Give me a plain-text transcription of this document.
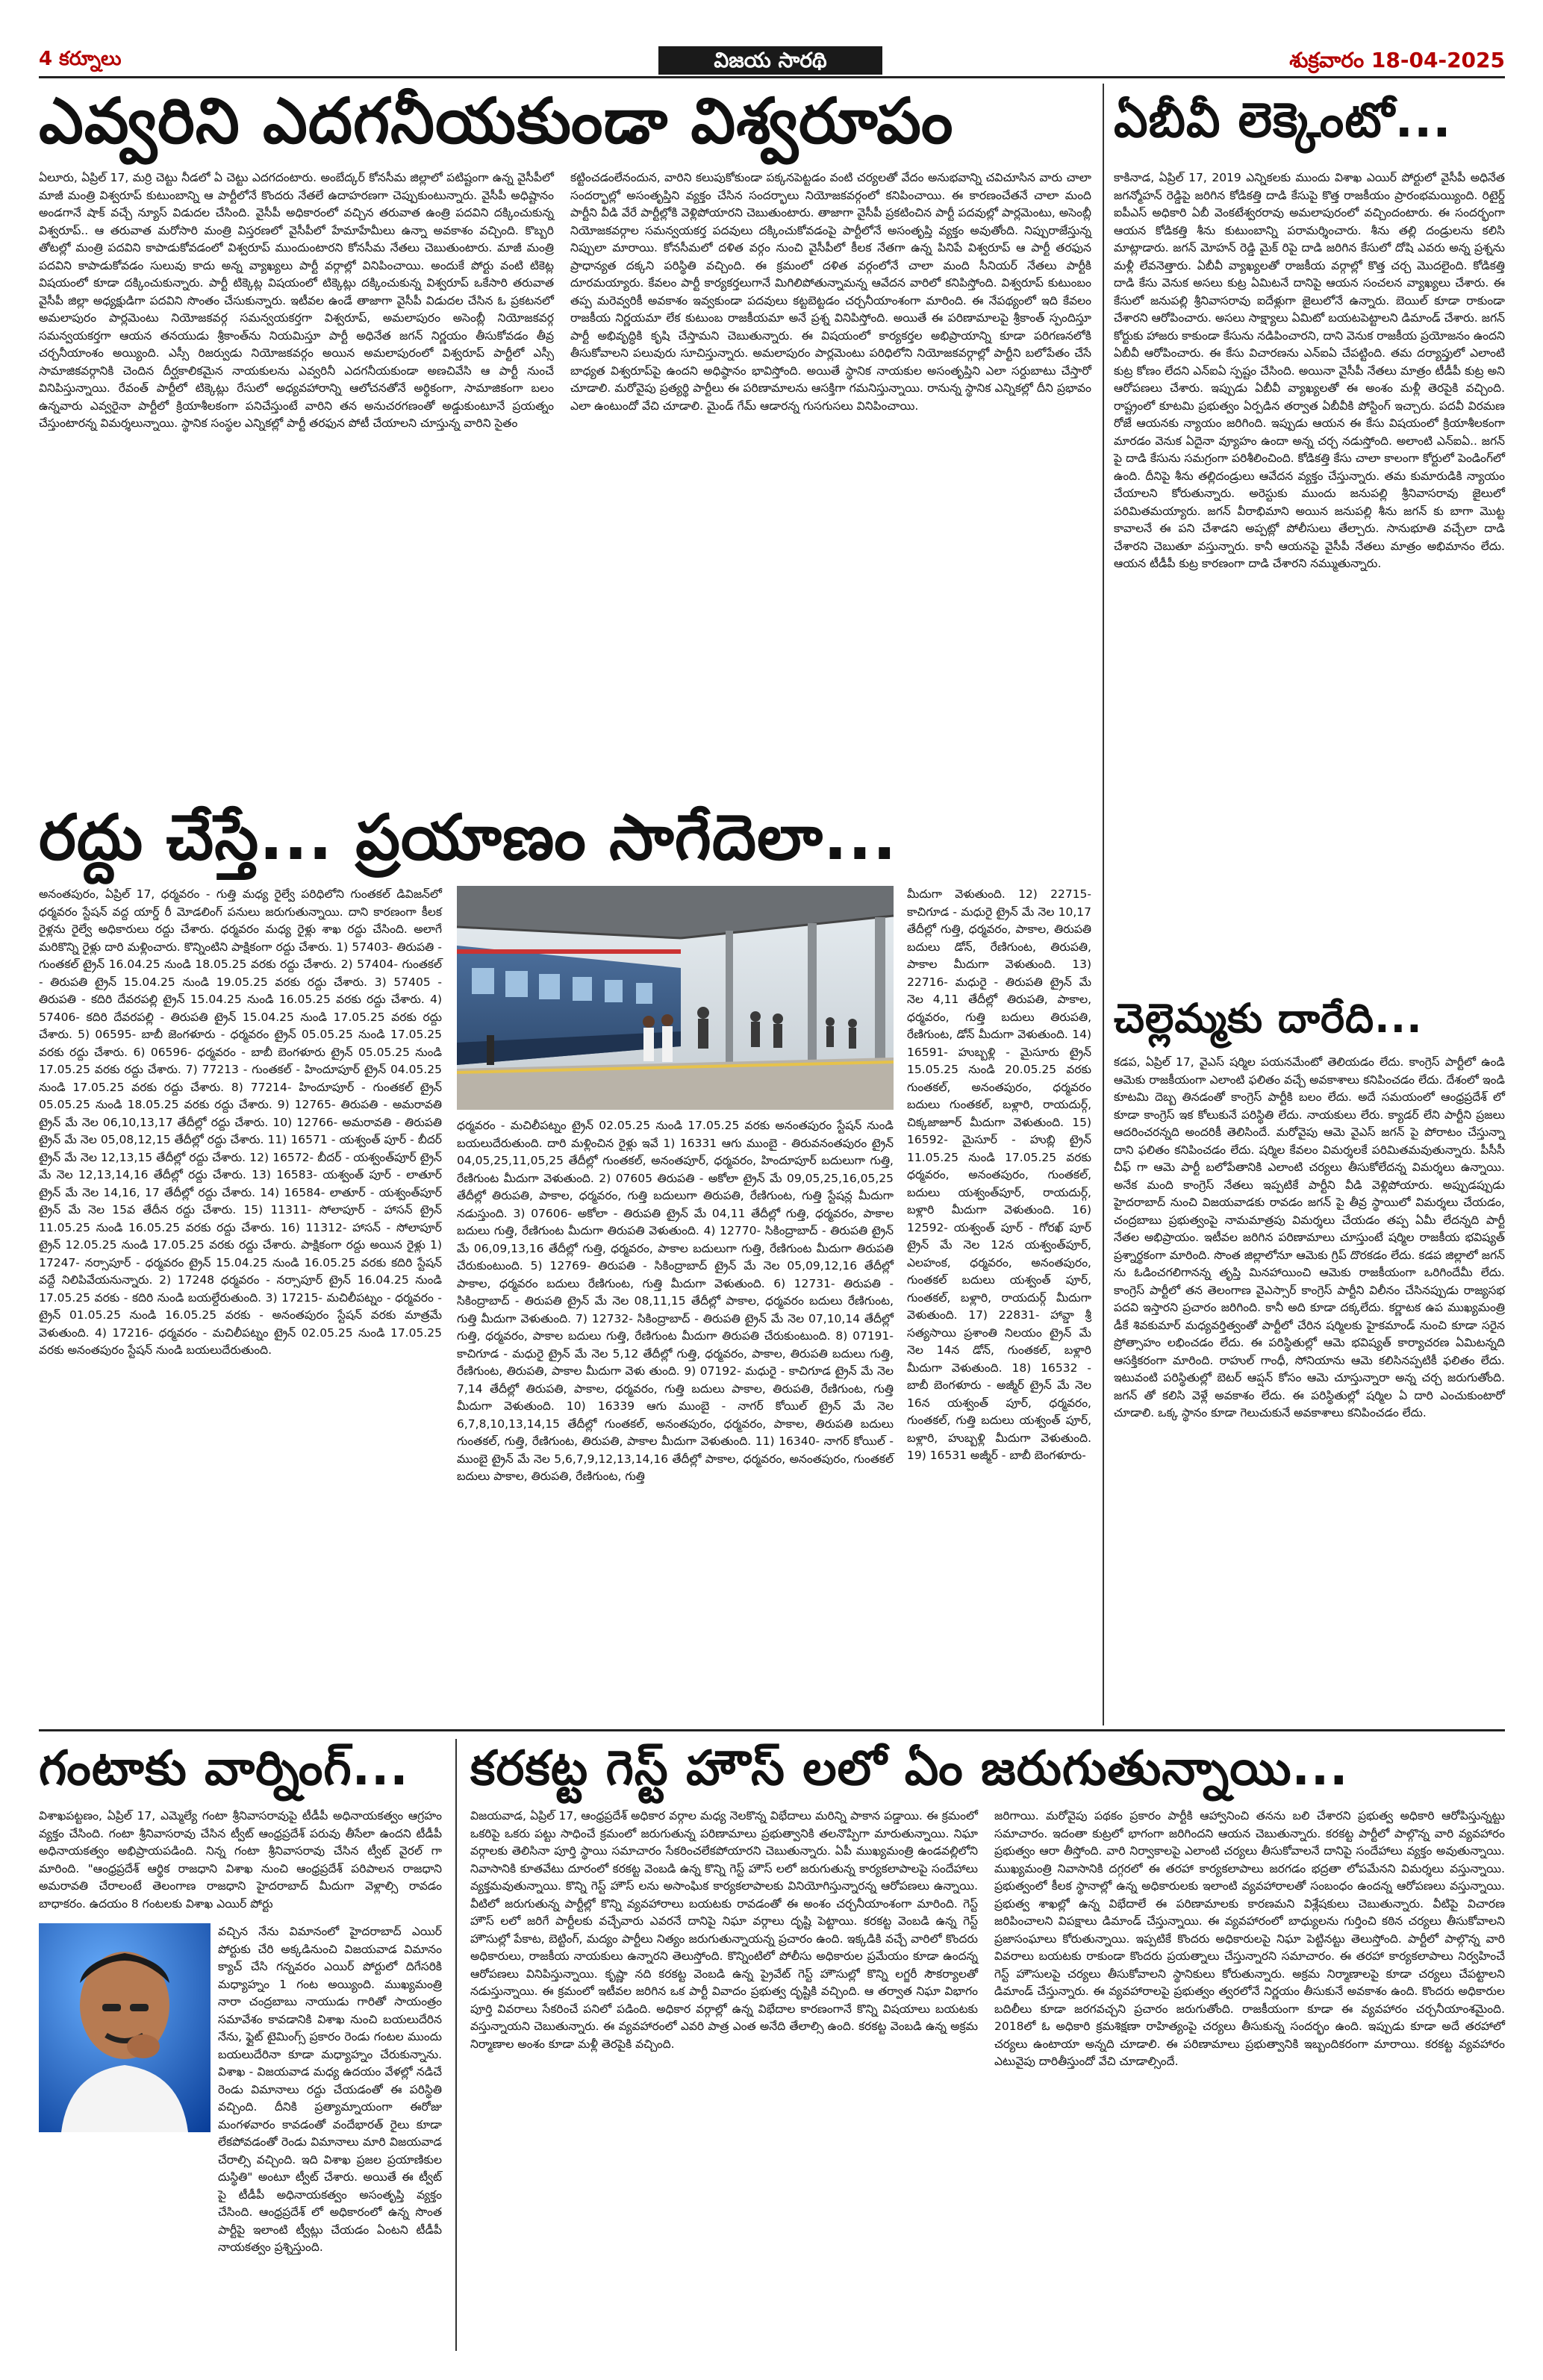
4 కర్నూలు	విజయ సారథి	శుక్రవారం 18-04-2025
ఎవ్వరిని ఎదగనీయకుండా విశ్వరూపం

ఏలూరు, ఏప్రిల్ 17, మర్రి చెట్టు నీడలో ఏ చెట్టు ఎదగదంటారు. అంబేద్కర్ కోనసీమ జిల్లాలో పటిష్టంగా ఉన్న వైసీపీలో మాజీ మంత్రి విశ్వరూప్ కుటుంబాన్ని ఆ పార్టీలోనే కొందరు నేతలే ఉదాహరణగా చెప్పుకుంటున్నారు. వైసీపీ అధిష్టానం అండగానే షాక్ వచ్చే న్యూస్ విడుదల చేసింది. వైసీపీ అధికారంలో వచ్చిన తరువాత ఉంత్రి పదవిని దక్కించుకున్న విశ్వరూప్.. ఆ తరువాత మరోసారి మంత్రి విస్తరణలో వైసీపీలో హేమాహేమీలు ఉన్నా అవకాశం వచ్చింది. కొబ్బరి తోటల్లో మంత్రి పదవిని కాపాడుకోవడంలో విశ్వరూప్ ముందుంటారని కోనసీమ నేతలు చెబుతుంటారు. మాజీ మంత్రి పదవిని కాపాడుకోవడం సులువు కాదు అన్న వ్యాఖ్యలు పార్టీ వర్గాల్లో వినిపించాయి. అందుకే పోర్టు వంటి టికెట్ల విషయంలో కూడా దక్కించుకున్నారు. పార్టీ టిక్కెట్ల విషయంలో టిక్కెట్లు దక్కించుకున్న విశ్వరూప్ ఒకేసారి తరువాత వైసీపీ జిల్లా అధ్యక్షుడిగా పదవిని సొంతం చేసుకున్నారు. ఇటీవల ఉండే తాజాగా వైసీపీ విడుదల చేసిన ఓ ప్రకటనలో అమలాపురం పార్లమెంటు నియోజకవర్గ సమన్వయకర్తగా విశ్వరూప్, అమలాపురం అసెంబ్లీ నియోజకవర్గ సమన్వయకర్తగా ఆయన తనయుడు శ్రీకాంత్‌ను నియమిస్తూ పార్టీ అధినేత జగన్ నిర్ణయం తీసుకోవడం తీవ్ర చర్చనీయాంశం అయ్యింది. ఎస్సీ రిజర్వుడు నియోజకవర్గం అయిన అమలాపురంలో విశ్వరూప్ పార్టీలో ఎస్సీ సామాజికవర్గానికి చెందిన దీర్ఘకాలికమైన నాయకులను ఎవ్వరినీ ఎదగనీయకుండా అణచివేసి ఆ పార్టీ నుంచే వినిపిస్తున్నాయి. రేవంత్ పార్టీలో టిక్కెట్లు రేసులో అధ్యవహారాన్ని ఆలోచనతోనే అర్థికంగా, సామాజికంగా బలం ఉన్నవారు ఎవ్వరైనా పార్టీలో క్రియాశీలకంగా పనిచేస్తుంటే వారిని తన అనుచరగణంతో అడ్డుకుంటూనే ప్రయత్నం చేస్తుంటారన్న విమర్శలున్నాయి. స్థానిక సంస్థల ఎన్నికల్లో పార్టీ తరఫున పోటీ చేయాలని చూస్తున్న వారిని సైతం

కట్టించడంలేనందున, వారిని కలుపుకోకుండా పక్కనపెట్టడం వంటి చర్యలతో వేదం అనుభవాన్ని చవిచూసిన వారు చాలా సందర్భాల్లో అసంతృప్తిని వ్యక్తం చేసిన సందర్భాలు నియోజకవర్గంలో కనిపించాయి. ఈ కారణంచేతనే చాలా మంది పార్టీని వీడి వేరే పార్టీల్లోకి వెళ్లిపోయారని చెబుతుంటారు. తాజాగా వైసీపీ ప్రకటించిన పార్టీ పదవుల్లో పార్లమెంటు, అసెంబ్లీ నియోజకవర్గాల సమన్వయకర్త పదవులు దక్కించుకోవడంపై పార్టీలోనే అసంతృప్తి వ్యక్తం అవుతోంది. నిప్పురాజేస్తున్న నిప్పులా మారాయి. కోనసీమలో దళిత వర్గం నుంచి వైసీపీలో కీలక నేతగా ఉన్న పినిపే విశ్వరూప్ ఆ పార్టీ తరఫున ప్రాధాన్యత దక్కని పరిస్థితి వచ్చింది. ఈ క్రమంలో దళిత వర్గంలోనే చాలా మంది సీనియర్ నేతలు పార్టీకి దూరమయ్యారు. కేవలం పార్టీ కార్యకర్తలుగానే మిగిలిపోతున్నామన్న ఆవేదన వారిలో కనిపిస్తోంది. విశ్వరూప్ కుటుంబం తప్ప మరెవ్వరికీ అవకాశం ఇవ్వకుండా పదవులు కట్టబెట్టడం చర్చనీయాంశంగా మారింది. ఈ నేపథ్యంలో ఇది కేవలం రాజకీయ నిర్ణయమా లేక కుటుంబ రాజకీయమా అనే ప్రశ్న వినిపిస్తోంది. అయితే ఈ పరిణామాలపై శ్రీకాంత్ స్పందిస్తూ పార్టీ అభివృద్ధికి కృషి చేస్తామని చెబుతున్నారు. ఈ విషయంలో కార్యకర్తల అభిప్రాయాన్ని కూడా పరిగణనలోకి తీసుకోవాలని పలువురు సూచిస్తున్నారు. అమలాపురం పార్లమెంటు పరిధిలోని నియోజకవర్గాల్లో పార్టీని బలోపేతం చేసే బాధ్యత విశ్వరూప్‌పై ఉందని అధిష్ఠానం భావిస్తోంది. అయితే స్థానిక నాయకుల అసంతృప్తిని ఎలా సర్దుబాటు చేస్తారో చూడాలి. మరోవైపు ప్రత్యర్థి పార్టీలు ఈ పరిణామాలను ఆసక్తిగా గమనిస్తున్నాయి. రానున్న స్థానిక ఎన్నికల్లో దీని ప్రభావం ఎలా ఉంటుందో వేచి చూడాలి. మైండ్ గేమ్ ఆడారన్న గుసగుసలు వినిపించాయి.

ఏబీవీ లెక్కెంటో...

కాకినాడ, ఏప్రిల్ 17, 2019 ఎన్నికలకు ముందు విశాఖ ఎయిర్ పోర్టులో వైసీపీ అధినేత జగన్మోహన్ రెడ్డిపై జరిగిన కోడికత్తి దాడి కేసుపై కొత్త రాజకీయం ప్రారంభమయ్యింది. రిటైర్డ్ ఐపీఎస్ అధికారి ఏబీ వెంకటేశ్వరరావు అమలాపురంలో వచ్చిందంటారు. ఈ సందర్భంగా ఆయన కోడికత్తి శీను కుటుంబాన్ని పరామర్శించారు. శీను తల్లి దండ్రులను కలిసి మాట్లాడారు. జగన్ మోహన్ రెడ్డి మైక్ రిపై దాడి జరిగిన కేసులో దోషి ఎవరు అన్న ప్రశ్నను మళ్లీ లేవనెత్తారు. ఏబీవీ వ్యాఖ్యలతో రాజకీయ వర్గాల్లో కొత్త చర్చ మొదలైంది. కోడికత్తి దాడి కేసు వెనుక అసలు కుట్ర ఏమిటనే దానిపై ఆయన సంచలన వ్యాఖ్యలు చేశారు. ఈ కేసులో జనుపల్లి శ్రీనివాసరావు ఐదేళ్లుగా జైలులోనే ఉన్నారు. బెయిల్ కూడా రాకుండా చేశారని ఆరోపించారు. అసలు సాక్ష్యాలు ఏమిటో బయటపెట్టాలని డిమాండ్ చేశారు. జగన్ కోర్టుకు హాజరు కాకుండా కేసును నడిపించారని, దాని వెనుక రాజకీయ ప్రయోజనం ఉందని ఏబీవీ ఆరోపించారు. ఈ కేసు విచారణను ఎన్ఐఏ చేపట్టింది. తమ దర్యాప్తులో ఎలాంటి కుట్ర కోణం లేదని ఎన్ఐఏ స్పష్టం చేసింది. అయినా వైసీపీ నేతలు మాత్రం టీడీపీ కుట్ర అని ఆరోపణలు చేశారు. ఇప్పుడు ఏబీవీ వ్యాఖ్యలతో ఈ అంశం మళ్లీ తెరపైకి వచ్చింది. రాష్ట్రంలో కూటమి ప్రభుత్వం ఏర్పడిన తర్వాత ఏబీవీకి పోస్టింగ్ ఇచ్చారు. పదవీ విరమణ రోజే ఆయనకు న్యాయం జరిగింది. ఇప్పుడు ఆయన ఈ కేసు విషయంలో క్రియాశీలకంగా మారడం వెనుక ఏదైనా వ్యూహం ఉందా అన్న చర్చ నడుస్తోంది. అలాంటి ఎన్ఐఏ.. జగన్ పై దాడి కేసును సమగ్రంగా పరిశీలించింది. కోడికత్తి కేసు చాలా కాలంగా కోర్టులో పెండింగ్‌లో ఉంది. దీనిపై శీను తల్లిదండ్రులు ఆవేదన వ్యక్తం చేస్తున్నారు. తమ కుమారుడికి న్యాయం చేయాలని కోరుతున్నారు. అరెస్టుకు ముందు జనుపల్లి శ్రీనివాసరావు జైలులో పరిమితమయ్యారు. జగన్ వీరాభిమాని అయిన జనుపల్లి శీను జగన్ కు బాగా మొట్ట కావాలనే ఈ పని చేశాడని అప్పట్లో పోలీసులు తేల్చారు. సానుభూతి వచ్చేలా దాడి చేశారని చెబుతూ వస్తున్నారు. కానీ ఆయనపై వైసీపీ నేతలు మాత్రం అభిమానం లేదు. ఆయన టీడీపీ కుట్ర కారణంగా దాడి చేశారని నమ్ముతున్నారు.

రద్దు చేస్తే... ప్రయాణం సాగేదెలా...

అనంతపురం, ఏప్రిల్ 17, ధర్మవరం - గుత్తి మధ్య రైల్వే పరిధిలోని గుంతకల్ డివిజన్‌లో ధర్మవరం స్టేషన్ వద్ద యార్డ్ రీ మోడలింగ్ పనులు జరుగుతున్నాయి. దాని కారణంగా కీలక రైళ్లను రైల్వే అధికారులు రద్దు చేశారు. ధర్మవరం మధ్య రైళ్లు శాఖ రద్దు చేసింది. అలాగే మరికొన్ని రైళ్లు దారి మళ్లించారు. కొన్నింటిని పాక్షికంగా రద్దు చేశారు. 1) 57403- తిరుపతి - గుంతకల్ ట్రైన్ 16.04.25 నుండి 18.05.25 వరకు రద్దు చేశారు. 2) 57404- గుంతకల్ - తిరుపతి ట్రైన్ 15.04.25 నుండి 19.05.25 వరకు రద్దు చేశారు. 3) 57405 - తిరుపతి - కదిరి దేవరపల్లి ట్రైన్ 15.04.25 నుండి 16.05.25 వరకు రద్దు చేశారు. 4) 57406- కదిరి దేవరపల్లి - తిరుపతి ట్రైన్ 15.04.25 నుండి 17.05.25 వరకు రద్దు చేశారు. 5) 06595- బాబీ జెంగళూరు - ధర్మవరం ట్రైన్ 05.05.25 నుండి 17.05.25 వరకు రద్దు చేశారు. 6) 06596- ధర్మవరం - బాబీ బెంగళూరు ట్రైన్ 05.05.25 నుండి 17.05.25 వరకు రద్దు చేశారు. 7) 77213 - గుంతకల్ - హిందూపూర్ ట్రైన్ 04.05.25 నుండి 17.05.25 వరకు రద్దు చేశారు. 8) 77214- హిందూపూర్ - గుంతకల్ ట్రైన్ 05.05.25 నుండి 18.05.25 వరకు రద్దు చేశారు. 9) 12765- తిరుపతి - అమరావతి ట్రైన్ మే నెల 06,10,13,17 తేదీల్లో రద్దు చేశారు. 10) 12766- అమరావతి - తిరుపతి ట్రైన్ మే నెల 05,08,12,15 తేదీల్లో రద్దు చేశారు. 11) 16571 - యశ్వంత్ పూర్ - బీదర్ ట్రైన్ మే నెల 12,13,15 తేదీల్లో రద్దు చేశారు. 12) 16572- బీదర్ - యశ్వంత్‌పూర్ ట్రైన్ మే నెల 12,13,14,16 తేదీల్లో రద్దు చేశారు. 13) 16583- యశ్వంత్ పూర్ - లాతూర్ ట్రైన్ మే నెల 14,16, 17 తేదీల్లో రద్దు చేశారు. 14) 16584- లాతూర్ - యశ్వంత్‌పూర్ ట్రైన్ మే నెల 15వ తేదీన రద్దు చేశారు. 15) 11311- సోలాపూర్ - హాసన్ ట్రైన్ 11.05.25 నుండి 16.05.25 వరకు రద్దు చేశారు. 16) 11312- హాసన్ - సోలాపూర్ ట్రైన్ 12.05.25 నుండి 17.05.25 వరకు రద్దు చేశారు. పాక్షికంగా రద్దు అయిన రైళ్లు 1) 17247- నర్సాపూర్ - ధర్మవరం ట్రైన్ 15.04.25 నుండి 16.05.25 వరకు కదిరి స్టేషన్ వద్దే నిలిపివేయనున్నారు. 2) 17248 ధర్మవరం - నర్సాపూర్ ట్రైన్ 16.04.25 నుండి 17.05.25 వరకు - కదిరి నుండి బయల్దేరుతుంది. 3) 17215- మచిలీపట్నం - ధర్మవరం - ట్రైన్ 01.05.25 నుండి 16.05.25 వరకు - అనంతపురం స్టేషన్ వరకు మాత్రమే వెళుతుంది. 4) 17216- ధర్మవరం - మచిలీపట్నం ట్రైన్ 02.05.25 నుండి 17.05.25 వరకు అనంతపురం స్టేషన్ నుండి బయలుదేరుతుంది.

ధర్మవరం - మచిలీపట్నం ట్రైన్ 02.05.25 నుండి 17.05.25 వరకు అనంతపురం స్టేషన్ నుండి బయలుదేరుతుంది. దారి మళ్లించిన రైళ్లు ఇవే 1) 16331 ఆగు ముంబై - తిరువనంతపురం ట్రైన్ 04,05,25,11,05,25 తేదీల్లో గుంతకల్, అనంతపూర్, ధర్మవరం, హిందూపూర్ బదులుగా గుత్తి, రేణిగుంట మీదుగా వెళుతుంది. 2) 07605 తిరుపతి - అకోలా ట్రైన్ మే 09,05,25,16,05,25 తేదీల్లో తిరుపతి, పాకాల, ధర్మవరం, గుత్తి బదులుగా తిరుపతి, రేణిగుంట, గుత్తి స్టేషన్ల మీదుగా నడుస్తుంది. 3) 07606- అకోలా - తిరుపతి ట్రైన్ మే 04,11 తేదీల్లో గుత్తి, ధర్మవరం, పాకాల బదులు గుత్తి, రేణిగుంట మీదుగా తిరుపతి వెళుతుంది. 4) 12770- సికింద్రాబాద్ - తిరుపతి ట్రైన్ మే 06,09,13,16 తేదీల్లో గుత్తి, ధర్మవరం, పాకాల బదులుగా గుత్తి, రేణిగుంట మీదుగా తిరుపతి చేరుకుంటుంది. 5) 12769- తిరుపతి - సికింద్రాబాద్ ట్రైన్ మే నెల 05,09,12,16 తేదీల్లో పాకాల, ధర్మవరం బదులు రేణిగుంట, గుత్తి మీదుగా వెళుతుంది. 6) 12731- తిరుపతి - సికింద్రాబాద్ - తిరుపతి ట్రైన్ మే నెల 08,11,15 తేదీల్లో పాకాల, ధర్మవరం బదులు రేణిగుంట, గుత్తి మీదుగా వెళుతుంది. 7) 12732- సికింద్రాబాద్ - తిరుపతి ట్రైన్ మే నెల 07,10,14 తేదీల్లో గుత్తి, ధర్మవరం, పాకాల బదులు గుత్తి, రేణిగుంట మీదుగా తిరుపతి చేరుకుంటుంది. 8) 07191- కాచిగూడ - మధురై ట్రైన్ మే నెల 5,12 తేదీల్లో గుత్తి, ధర్మవరం, పాకాల, తిరుపతి బదులు గుత్తి, రేణిగుంట, తిరుపతి, పాకాల మీదుగా వెళు తుంది. 9) 07192- మధురై - కాచిగూడ ట్రైన్ మే నెల 7,14 తేదీల్లో తిరుపతి, పాకాల, ధర్మవరం, గుత్తి బదులు పాకాల, తిరుపతి, రేణిగుంట, గుత్తి మీదుగా వెళుతుంది. 10) 16339 ఆగు ముంబై - నాగర్ కోయిల్ ట్రైన్ మే నెల 6,7,8,10,13,14,15 తేదీల్లో గుంతకల్, అనంతపురం, ధర్మవరం, పాకాల, తిరుపతి బదులు గుంతకల్, గుత్తి, రేణిగుంట, తిరుపతి, పాకాల మీదుగా వెళుతుంది. 11) 16340- నాగర్ కోయిల్ - ముంబై ట్రైన్ మే నెల 5,6,7,9,12,13,14,16 తేదీల్లో పాకాల, ధర్మవరం, అనంతపురం, గుంతకల్ బదులు పాకాల, తిరుపతి, రేణిగుంట, గుత్తి

మీదుగా వెళుతుంది. 12) 22715- కాచిగూడ - మధురై ట్రైన్ మే నెల 10,17 తేదీల్లో గుత్తి, ధర్మవరం, పాకాల, తిరుపతి బదులు డోన్, రేణిగుంట, తిరుపతి, పాకాల మీదుగా వెళుతుంది. 13) 22716- మధురై - తిరుపతి ట్రైన్ మే నెల 4,11 తేదీల్లో తిరుపతి, పాకాల, ధర్మవరం, గుత్తి బదులు తిరుపతి, రేణిగుంట, డోన్ మీదుగా వెళుతుంది. 14) 16591- హుబ్బళ్లి - మైసూరు ట్రైన్ 15.05.25 నుండి 20.05.25 వరకు గుంతకల్, అనంతపురం, ధర్మవరం బదులు గుంతకల్, బళ్లారి, రాయదుర్గ్, చిక్కజాజూర్ మీదుగా వెళుతుంది. 15) 16592- మైసూర్ - హుబ్లి ట్రైన్ 11.05.25 నుండి 17.05.25 వరకు ధర్మవరం, అనంతపురం, గుంతకల్, బదులు యశ్వంత్‌పూర్, రాయదుర్గ్, బళ్లారి మీదుగా వెళుతుంది. 16) 12592- యశ్వంత్ పూర్ - గోరఖ్ పూర్ ట్రైన్ మే నెల 12న యశ్వంత్‌పూర్, ఎలహంక, ధర్మవరం, అనంతపురం, గుంతకల్ బదులు యశ్వంత్ పూర్, గుంతకల్, బళ్లారి, రాయదుర్గ్ మీదుగా వెళుతుంది. 17) 22831- హావ్డా శ్రీ సత్యసాయి ప్రశాంతి నిలయం ట్రైన్ మే నెల 14న డోన్, గుంతకల్, బళ్లారి మీదుగా వెళుతుంది. 18) 16532 - బాబీ బెంగళూరు - అజ్మీర్ ట్రైన్ మే నెల 16న యశ్వంత్ పూర్, ధర్మవరం, గుంతకల్, గుత్తి బదులు యశ్వంత్ పూర్, బళ్లారి, హుబ్బళ్లి మీదుగా వెళుతుంది. 19) 16531 అజ్మీర్ - బాబీ బెంగళూరు-

చెల్లెమ్మకు దారేది...

కడప, ఏప్రిల్ 17, వైఎస్ షర్మిల పయనమేంటో తెలియడం లేదు. కాంగ్రెస్ పార్టీలో ఉండి ఆమెకు రాజకీయంగా ఎలాంటి ఫలితం వచ్చే అవకాశాలు కనిపించడం లేదు. దేశంలో ఇండి కూటమి దెబ్బ తినడంతో కాంగ్రెస్ పార్టీకి బలం లేదు. అదే సమయంలో ఆంధ్రప్రదేశ్ లో కూడా కాంగ్రెస్ ఇక కోలుకునే పరిస్థితి లేదు. నాయకులు లేరు. క్యాడర్ లేని పార్టీని ప్రజలు ఆదరించరన్నది అందరికీ తెలిసిందే. మరోవైపు ఆమె వైఎస్ జగన్ పై పోరాటం చేస్తున్నా దాని ఫలితం కనిపించడం లేదు. షర్మిల కేవలం విమర్శలకే పరిమితమవుతున్నారు. పీసీసీ చీఫ్ గా ఆమె పార్టీ బలోపేతానికి ఎలాంటి చర్యలు తీసుకోలేదన్న విమర్శలు ఉన్నాయి. అనేక మంది కాంగ్రెస్ నేతలు ఇప్పటికే పార్టీని వీడి వెళ్లిపోయారు. అప్పుడప్పుడు హైదరాబాద్ నుంచి విజయవాడకు రావడం జగన్ పై తీవ్ర స్థాయిలో విమర్శలు చేయడం, చంద్రబాబు ప్రభుత్వంపై నామమాత్రపు విమర్శలు చేయడం తప్ప ఏమీ లేదన్నది పార్టీ నేతల అభిప్రాయం. ఇటీవల జరిగిన పరిణామాలు చూస్తుంటే షర్మిల రాజకీయ భవిష్యత్ ప్రశ్నార్థకంగా మారింది. సొంత జిల్లాలోనూ ఆమెకు గ్రిప్ దొరకడం లేదు. కడప జిల్లాలో జగన్ ను ఓడించగలిగానన్న తృప్తి మినహాయించి ఆమెకు రాజకీయంగా ఒరిగిందేమీ లేదు. కాంగ్రెస్ పార్టీలో తన తెలంగాణ వైఎస్సార్ కాంగ్రెస్ పార్టీని విలీనం చేసినప్పుడు రాజ్యసభ పదవి ఇస్తారని ప్రచారం జరిగింది. కానీ అది కూడా దక్కలేదు. కర్ణాటక ఉప ముఖ్యమంత్రి డీకే శివకుమార్ మధ్యవర్తిత్వంతో పార్టీలో చేరిన షర్మిలకు హైకమాండ్ నుంచి కూడా సరైన ప్రోత్సాహం లభించడం లేదు. ఈ పరిస్థితుల్లో ఆమె భవిష్యత్ కార్యాచరణ ఏమిటన్నది ఆసక్తికరంగా మారింది. రాహుల్ గాంధీ, సోనియాను ఆమె కలిసినప్పటికీ ఫలితం లేదు. ఇటువంటి పరిస్థితుల్లో బెటర్ ఆప్షన్ కోసం ఆమె చూస్తున్నారా అన్న చర్చ జరుగుతోంది. జగన్ తో కలిసి వెళ్లే అవకాశం లేదు. ఈ పరిస్థితుల్లో షర్మిల ఏ దారి ఎంచుకుంటారో చూడాలి. ఒక్క స్థానం కూడా గెలుచుకునే అవకాశాలు కనిపించడం లేదు.

గంటాకు వార్నింగ్...

విశాఖపట్టణం, ఏప్రిల్ 17, ఎమ్మెల్యే గంటా శ్రీనివాసరావుపై టీడీపీ అధినాయకత్వం ఆగ్రహం వ్యక్తం చేసింది. గంటా శ్రీనివాసరావు చేసిన ట్వీట్ ఆంధ్రప్రదేశ్ పరువు తీసేలా ఉందని టీడీపీ అధినాయకత్వం అభిప్రాయపడింది. నిన్న గంటా శ్రీనివాసరావు చేసిన ట్వీట్ వైరల్ గా మారింది. "ఆంధ్రప్రదేశ్ ఆర్థిక రాజధాని విశాఖ నుంచి ఆంధ్రప్రదేశ్ పరిపాలన రాజధాని అమరావతి చేరాలంటే తెలంగాణ రాజధాని హైదరాబాద్ మీదుగా వెళ్లాల్సి రావడం బాధాకరం. ఉదయం 8 గంటలకు విశాఖ ఎయిర్ పోర్టు

వచ్చిన నేను విమానంలో హైదరాబాద్ ఎయిర్ పోర్టుకు చేరి అక్కడినుంచి విజయవాడ విమానం క్యాచ్ చేసి గన్నవరం ఎయిర్ పోర్టులో దిగేసరికి మధ్యాహ్నం 1 గంట అయ్యింది. ముఖ్యమంత్రి నారా చంద్రబాబు నాయుడు గారితో సాయంత్రం సమావేశం కావడానికి విశాఖ నుంచి బయలుదేరిన నేను, ఫ్లైట్ టైమింగ్స్ ప్రకారం రెండు గంటల ముందు బయలుదేరినా కూడా మధ్యాహ్నం చేరుకున్నాను. విశాఖ - విజయవాడ మధ్య ఉదయం వేళల్లో నడిచే రెండు విమానాలు రద్దు చేయడంతో ఈ పరిస్థితి వచ్చింది. దీనికి ప్రత్యామ్నాయంగా ఈరోజు మంగళవారం కావడంతో వందేభారత్ రైలు కూడా లేకపోవడంతో రెండు విమానాలు మారి విజయవాడ చేరాల్సి వచ్చింది. ఇది విశాఖ ప్రజల ప్రయాణికుల దుస్థితి" అంటూ ట్వీట్ చేశారు. అయితే ఈ ట్వీట్ పై టీడీపీ అధినాయకత్వం అసంతృప్తి వ్యక్తం చేసింది. ఆంధ్రప్రదేశ్ లో అధికారంలో ఉన్న సొంత పార్టీపై ఇలాంటి ట్వీట్లు చేయడం ఏంటని టీడీపీ నాయకత్వం ప్రశ్నిస్తుంది.

కరకట్ట గెస్ట్ హౌస్ లలో ఏం జరుగుతున్నాయి...

విజయవాడ, ఏప్రిల్ 17, ఆంధ్రప్రదేశ్ అధికార వర్గాల మధ్య నెలకొన్న విభేదాలు మరిన్ని పాకాన పడ్డాయి. ఈ క్రమంలో ఒకరిపై ఒకరు పట్టు సాధించే క్రమంలో జరుగుతున్న పరిణామాలు ప్రభుత్వానికి తలనొప్పిగా మారుతున్నాయి. నిఘా వర్గాలకు తెలిసినా పూర్తి స్థాయి సమాచారం సేకరించలేకపోయారని చెబుతున్నారు. ఏపీ ముఖ్యమంత్రి ఉండవల్లిలోని నివాసానికి కూతవేటు దూరంలో కరకట్ట వెంబడి ఉన్న కొన్ని గెస్ట్ హౌస్ లలో జరుగుతున్న కార్యకలాపాలపై సందేహాలు వ్యక్తమవుతున్నాయి. కొన్ని గెస్ట్ హౌస్ లను అసాంఘిక కార్యకలాపాలకు వినియోగిస్తున్నారన్న ఆరోపణలు ఉన్నాయి. వీటిలో జరుగుతున్న పార్టీల్లో కొన్ని వ్యవహారాలు బయటకు రావడంతో ఈ అంశం చర్చనీయాంశంగా మారింది. గెస్ట్ హౌస్ లలో జరిగే పార్టీలకు వచ్చేవారు ఎవరనే దానిపై నిఘా వర్గాలు దృష్టి పెట్టాయి. కరకట్ట వెంబడి ఉన్న గెస్ట్ హౌసుల్లో పేకాట, బెట్టింగ్, మద్యం పార్టీలు నిత్యం జరుగుతున్నాయన్న ప్రచారం ఉంది. ఇక్కడికి వచ్చే వారిలో కొందరు అధికారులు, రాజకీయ నాయకులు ఉన్నారని తెలుస్తోంది. కొన్నింటిలో పోలీసు అధికారుల ప్రమేయం కూడా ఉందన్న ఆరోపణలు వినిపిస్తున్నాయి. కృష్ణా నది కరకట్ట వెంబడి ఉన్న ప్రైవేట్ గెస్ట్ హౌసుల్లో కొన్ని లగ్జరీ సౌకర్యాలతో నడుస్తున్నాయి. ఈ క్రమంలో ఇటీవల జరిగిన ఒక పార్టీ వివాదం ప్రభుత్వ దృష్టికి వచ్చింది. ఆ తర్వాత నిఘా విభాగం పూర్తి వివరాలు సేకరించే పనిలో పడింది. అధికార వర్గాల్లో ఉన్న విభేదాల కారణంగానే కొన్ని విషయాలు బయటకు వస్తున్నాయని చెబుతున్నారు. ఈ వ్యవహారంలో ఎవరి పాత్ర ఎంత అనేది తేలాల్సి ఉంది. కరకట్ట వెంబడి ఉన్న అక్రమ నిర్మాణాల అంశం కూడా మళ్లీ తెరపైకి వచ్చింది.

జరిగాయి. మరోవైపు పథకం ప్రకారం పార్టీకి ఆహ్వానించి తనను బలి చేశారని ప్రభుత్వ అధికారి ఆరోపిస్తున్నట్టు సమాచారం. ఇదంతా కుట్రలో భాగంగా జరిగిందని ఆయన చెబుతున్నారు. కరకట్ట పార్టీలో పాల్గొన్న వారి వ్యవహారం ప్రభుత్వం ఆరా తీస్తోంది. వారి నిర్వాకాలపై ఎలాంటి చర్యలు తీసుకోవాలనే దానిపై సందేహాలు వ్యక్తం అవుతున్నాయి. ముఖ్యమంత్రి నివాసానికి దగ్గరలో ఈ తరహా కార్యకలాపాలు జరగడం భద్రతా లోపమేనని విమర్శలు వస్తున్నాయి. ప్రభుత్వంలో కీలక స్థానాల్లో ఉన్న అధికారులకు ఇలాంటి వ్యవహారాలతో సంబంధం ఉందన్న ఆరోపణలు వస్తున్నాయి. ప్రభుత్వ శాఖల్లో ఉన్న విభేదాలే ఈ పరిణామాలకు కారణమని విశ్లేషకులు చెబుతున్నారు. వీటిపై విచారణ జరిపించాలని విపక్షాలు డిమాండ్ చేస్తున్నాయి. ఈ వ్యవహారంలో బాధ్యులను గుర్తించి కఠిన చర్యలు తీసుకోవాలని ప్రజాసంఘాలు కోరుతున్నాయి. ఇప్పటికే కొందరు అధికారులపై నిఘా పెట్టినట్టు తెలుస్తోంది. పార్టీలో పాల్గొన్న వారి వివరాలు బయటకు రాకుండా కొందరు ప్రయత్నాలు చేస్తున్నారని సమాచారం. ఈ తరహా కార్యకలాపాలు నిర్వహించే గెస్ట్ హౌసులపై చర్యలు తీసుకోవాలని స్థానికులు కోరుతున్నారు. అక్రమ నిర్మాణాలపై కూడా చర్యలు చేపట్టాలని డిమాండ్ చేస్తున్నారు. ఈ వ్యవహారాలపై ప్రభుత్వం త్వరలోనే నిర్ణయం తీసుకునే అవకాశం ఉంది. కొందరు అధికారుల బదిలీలు కూడా జరగవచ్చని ప్రచారం జరుగుతోంది. రాజకీయంగా కూడా ఈ వ్యవహారం చర్చనీయాంశమైంది. 2018లో ఓ అధికారి క్రమశిక్షణా రాహిత్యంపై చర్యలు తీసుకున్న సందర్భం ఉంది. ఇప్పుడు కూడా అదే తరహాలో చర్యలు ఉంటాయా అన్నది చూడాలి. ఈ పరిణామాలు ప్రభుత్వానికి ఇబ్బందికరంగా మారాయి. కరకట్ట వ్యవహారం ఎటువైపు దారితీస్తుందో వేచి చూడాల్సిందే.
